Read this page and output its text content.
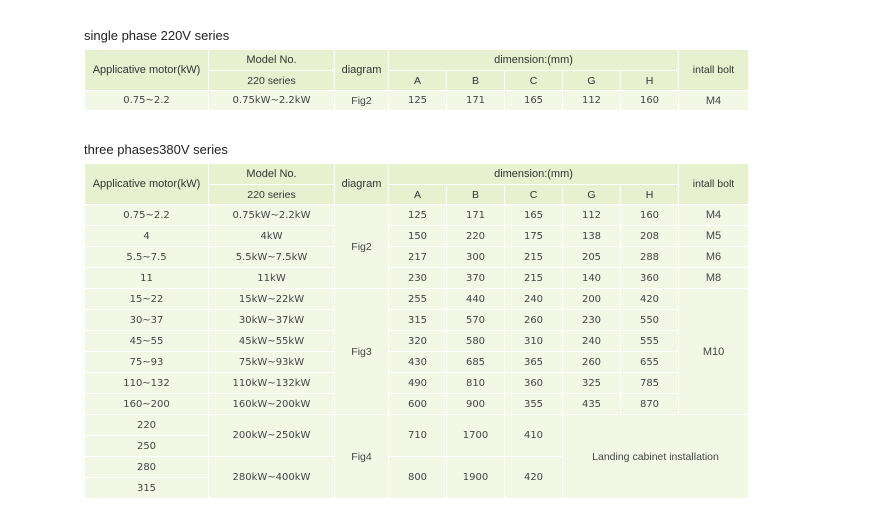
single phase 220V series
Applicative motor(kW)	Model No.	diagram	dimension:(mm)					intall bolt
	220 series		A	B	C	G	H	
0.75~2.2	0.75kW~2.2kW	Fig2	125	171	165	112	160	M4
three phases380V series
Applicative motor(kW)	Model No.	diagram	dimension:(mm)					intall bolt
	220 series		A	B	C	G	H	
0.75~2.2	0.75kW~2.2kW	Fig2	125	171	165	112	160	M4
4	4kW		150	220	175	138	208	M5
5.5~7.5	5.5kW~7.5kW		217	300	215	205	288	M6
11	11kW		230	370	215	140	360	M8
15~22	15kW~22kW	Fig3	255	440	240	200	420	M10
30~37	30kW~37kW		315	570	260	230	550	
45~55	45kW~55kW		320	580	310	240	555	
75~93	75kW~93kW		430	685	365	260	655	
110~132	110kW~132kW		490	810	360	325	785	
160~200	160kW~200kW		600	900	355	435	870	
220	200kW~250kW	Fig4	710	1700	410	Landing cabinet installation		
250								
280	280kW~400kW		800	1900	420			
315								
